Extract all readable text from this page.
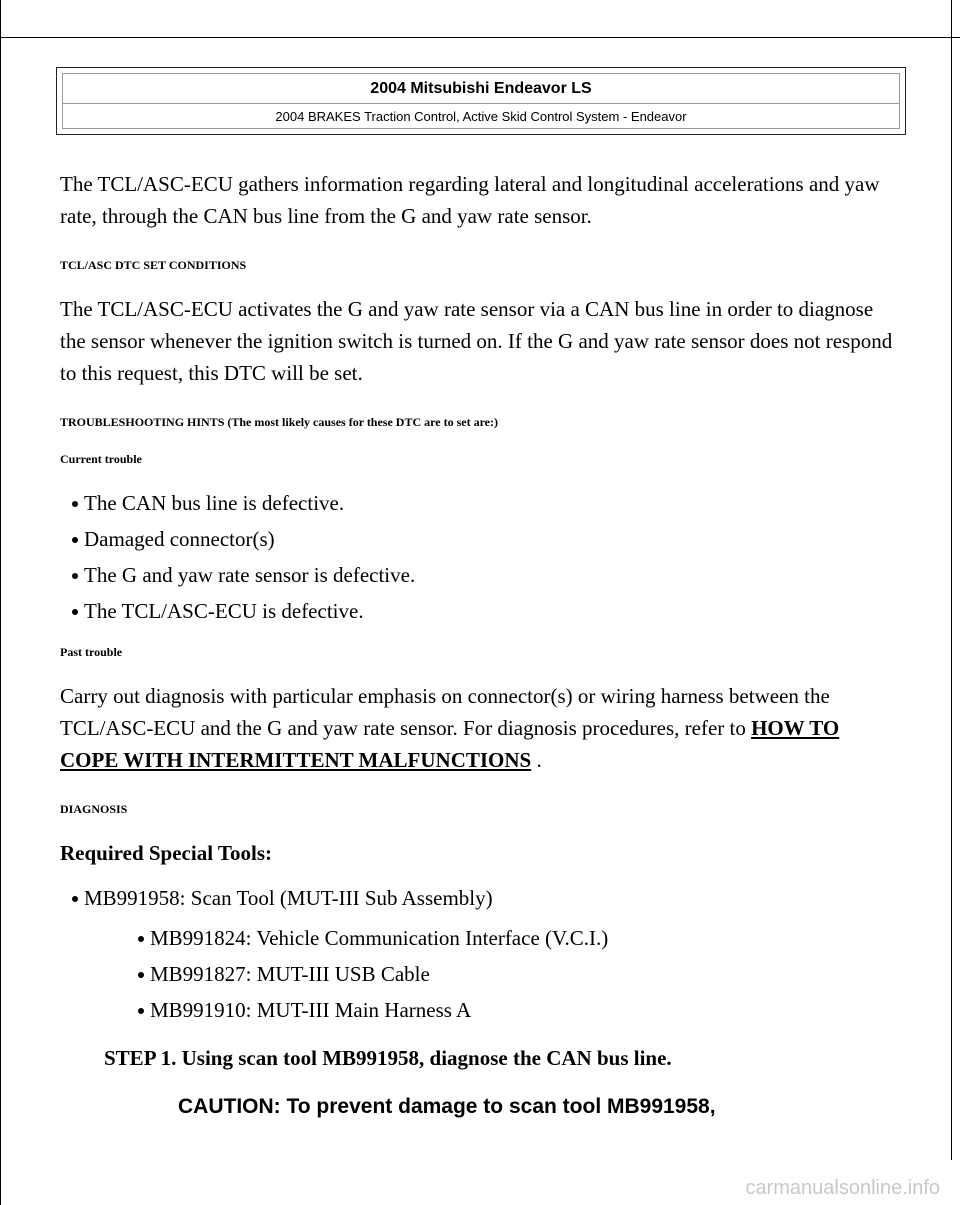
2004 Mitsubishi Endeavor LS
2004 BRAKES Traction Control, Active Skid Control System - Endeavor

The TCL/ASC-ECU gathers information regarding lateral and longitudinal accelerations and yaw rate, through the CAN bus line from the G and yaw rate sensor.

TCL/ASC DTC SET CONDITIONS

The TCL/ASC-ECU activates the G and yaw rate sensor via a CAN bus line in order to diagnose the sensor whenever the ignition switch is turned on. If the G and yaw rate sensor does not respond to this request, this DTC will be set.

TROUBLESHOOTING HINTS (The most likely causes for these DTC are to set are:)

Current trouble

The CAN bus line is defective.
Damaged connector(s)
The G and yaw rate sensor is defective.
The TCL/ASC-ECU is defective.

Past trouble

Carry out diagnosis with particular emphasis on connector(s) or wiring harness between the TCL/ASC-ECU and the G and yaw rate sensor. For diagnosis procedures, refer to HOW TO COPE WITH INTERMITTENT MALFUNCTIONS .

DIAGNOSIS

Required Special Tools:

MB991958: Scan Tool (MUT-III Sub Assembly)
MB991824: Vehicle Communication Interface (V.C.I.)
MB991827: MUT-III USB Cable
MB991910: MUT-III Main Harness A

STEP 1. Using scan tool MB991958, diagnose the CAN bus line.

CAUTION: To prevent damage to scan tool MB991958,

carmanualsonline.info
